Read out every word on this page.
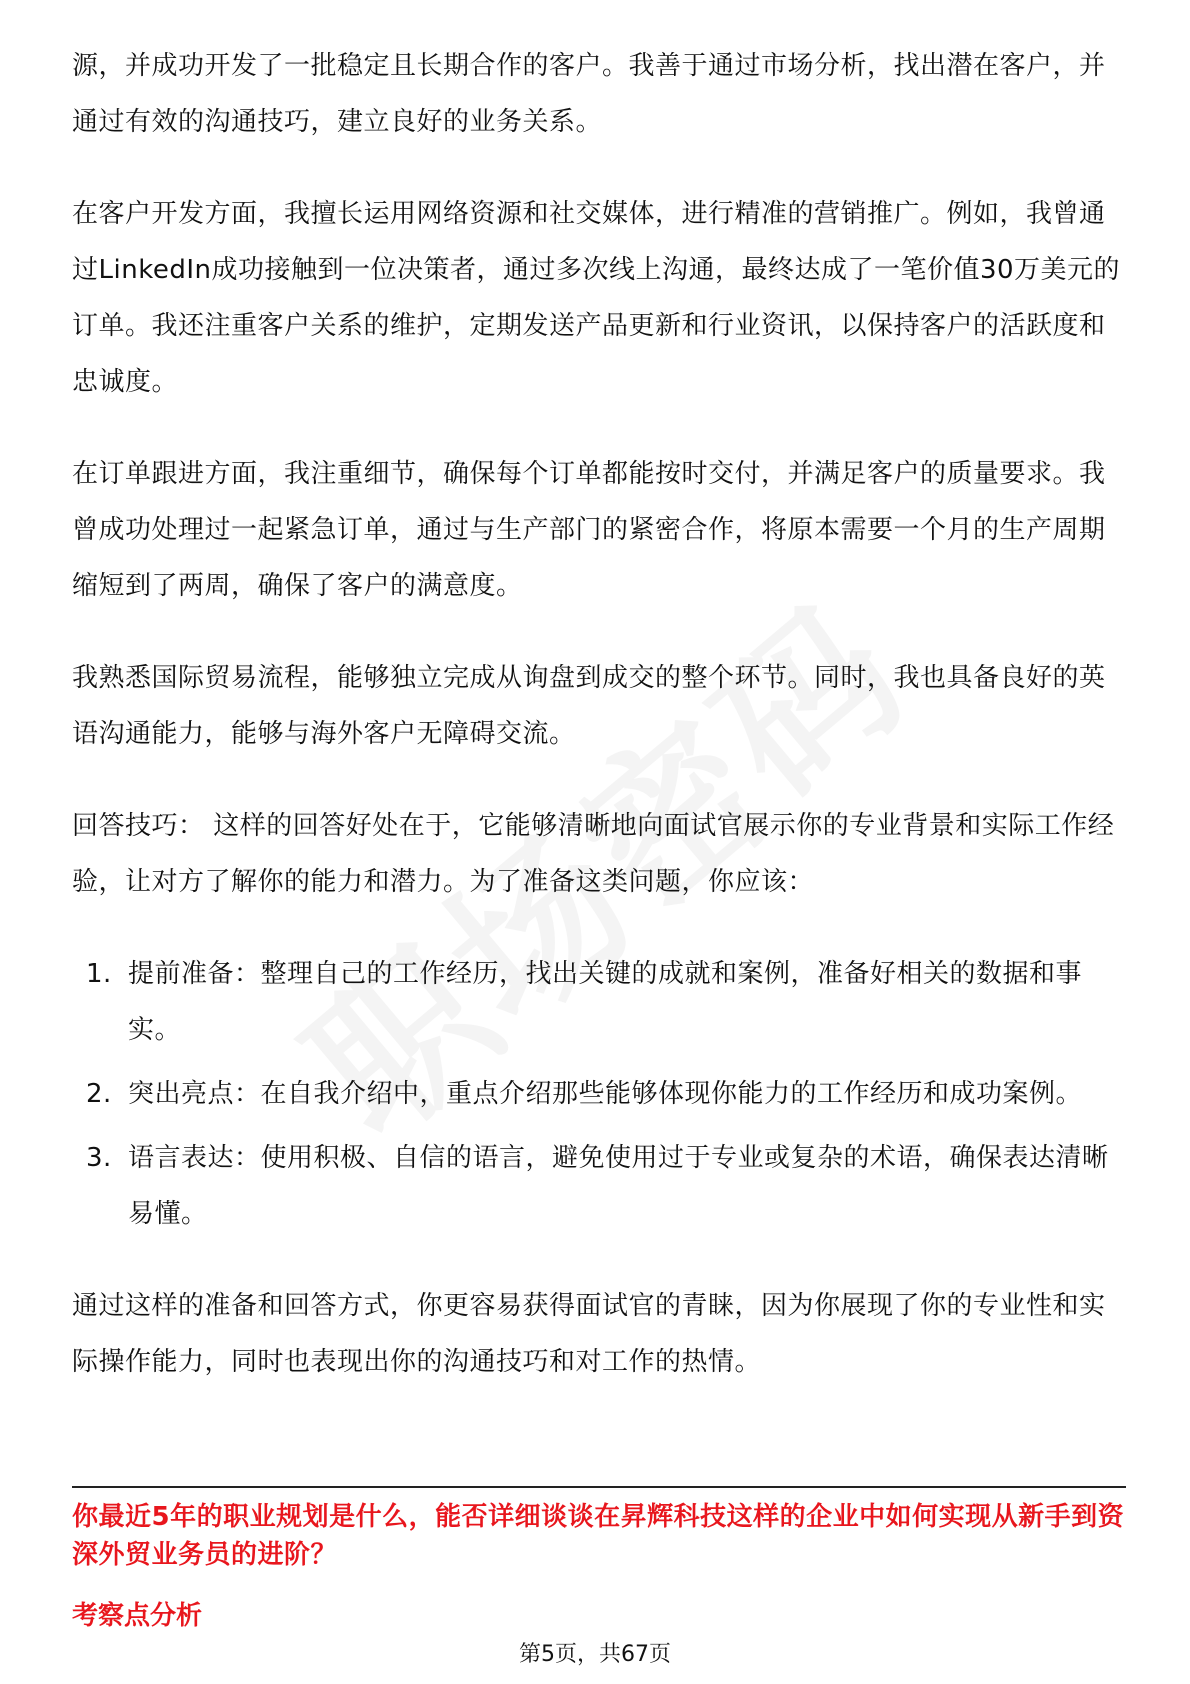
源，并成功开发了一批稳定且长期合作的客户。我善于通过市场分析，找出潜在客户，并通过有效的沟通技巧，建立良好的业务关系。

在客户开发方面，我擅长运用网络资源和社交媒体，进行精准的营销推广。例如，我曾通过LinkedIn成功接触到一位决策者，通过多次线上沟通，最终达成了一笔价值30万美元的订单。我还注重客户关系的维护，定期发送产品更新和行业资讯，以保持客户的活跃度和忠诚度。

在订单跟进方面，我注重细节，确保每个订单都能按时交付，并满足客户的质量要求。我曾成功处理过一起紧急订单，通过与生产部门的紧密合作，将原本需要一个月的生产周期缩短到了两周，确保了客户的满意度。

我熟悉国际贸易流程，能够独立完成从询盘到成交的整个环节。同时，我也具备良好的英语沟通能力，能够与海外客户无障碍交流。

回答技巧： 这样的回答好处在于，它能够清晰地向面试官展示你的专业背景和实际工作经验，让对方了解你的能力和潜力。为了准备这类问题，你应该：

1. 提前准备：整理自己的工作经历，找出关键的成就和案例，准备好相关的数据和事实。
2. 突出亮点：在自我介绍中，重点介绍那些能够体现你能力的工作经历和成功案例。
3. 语言表达：使用积极、自信的语言，避免使用过于专业或复杂的术语，确保表达清晰易懂。

通过这样的准备和回答方式，你更容易获得面试官的青睐，因为你展现了你的专业性和实际操作能力，同时也表现出你的沟通技巧和对工作的热情。

你最近5年的职业规划是什么，能否详细谈谈在昇辉科技这样的企业中如何实现从新手到资深外贸业务员的进阶？

考察点分析

第5页，共67页
